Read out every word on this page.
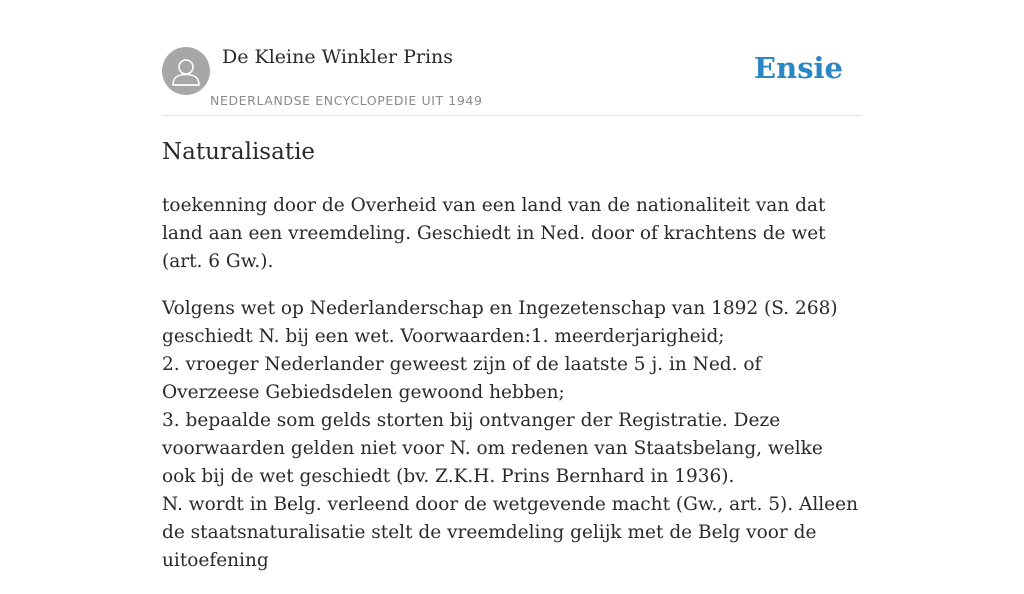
De Kleine Winkler Prins
NEDERLANDSE ENCYCLOPEDIE UIT 1949
Ensie
Naturalisatie

toekenning door de Overheid van een land van de nationaliteit van dat land aan een vreemdeling. Geschiedt in Ned. door of krachtens de wet (art. 6 Gw.).

Volgens wet op Nederlanderschap en Ingezetenschap van 1892 (S. 268) geschiedt N. bij een wet. Voorwaarden:1. meerderjarigheid;
2. vroeger Nederlander geweest zijn of de laatste 5 j. in Ned. of Overzeese Gebiedsdelen gewoond hebben;
3. bepaalde som gelds storten bij ontvanger der Registratie. Deze voorwaarden gelden niet voor N. om redenen van Staatsbelang, welke ook bij de wet geschiedt (bv. Z.K.H. Prins Bernhard in 1936).
N. wordt in Belg. verleend door de wetgevende macht (Gw., art. 5). Alleen de staatsnaturalisatie stelt de vreemdeling gelijk met de Belg voor de uitoefening
